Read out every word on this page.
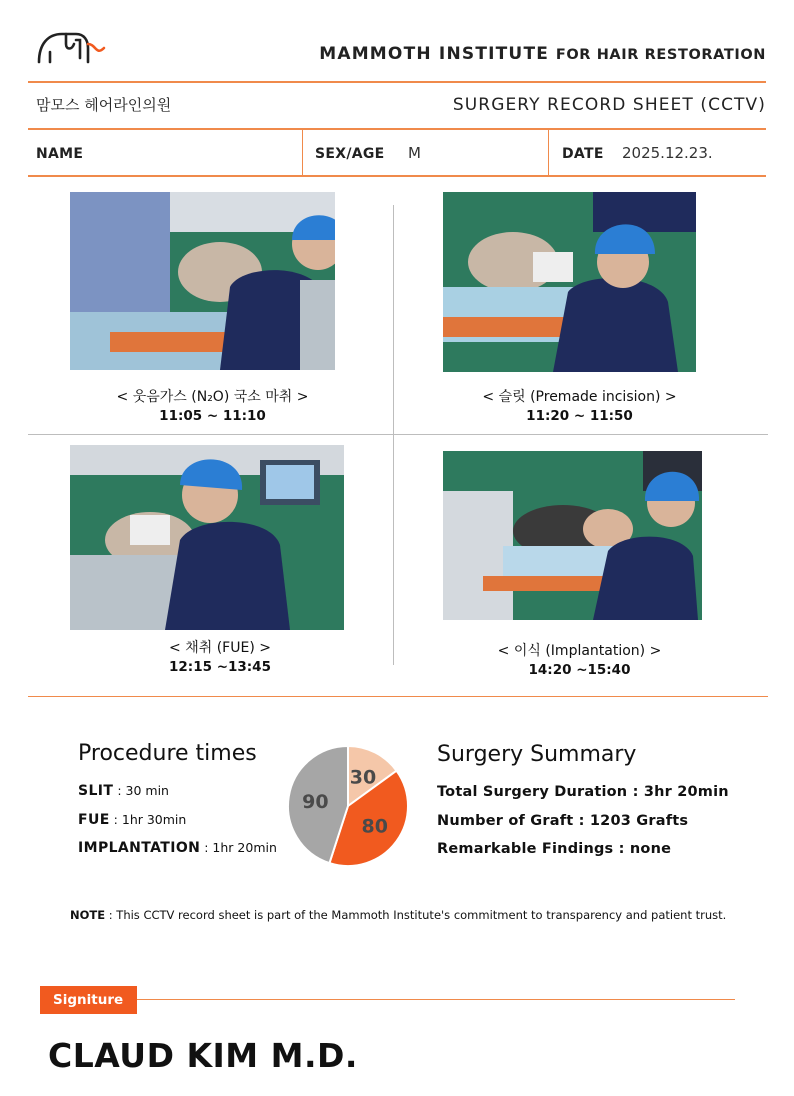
MAMMOTH INSTITUTE FOR HAIR RESTORATION
맘모스 헤어라인의원	SURGERY RECORD SHEET (CCTV)
NAME	SEX/AGE M	DATE 2025.12.23.
< 웃음가스 (N₂O) 국소 마취 >
11:05 ~ 11:10
< 슬릿 (Premade incision) >
11:20 ~ 11:50
< 채취 (FUE) >
12:15 ~13:45
< 이식 (Implantation) >
14:20 ~15:40
Procedure times
SLIT : 30 min
FUE : 1hr 30min
IMPLANTATION : 1hr 20min
30
80
90
Surgery Summary
Total Surgery Duration : 3hr 20min
Number of Graft : 1203 Grafts
Remarkable Findings : none
NOTE : This CCTV record sheet is part of the Mammoth Institute's commitment to transparency and patient trust.
Signiture
CLAUD KIM M.D.
